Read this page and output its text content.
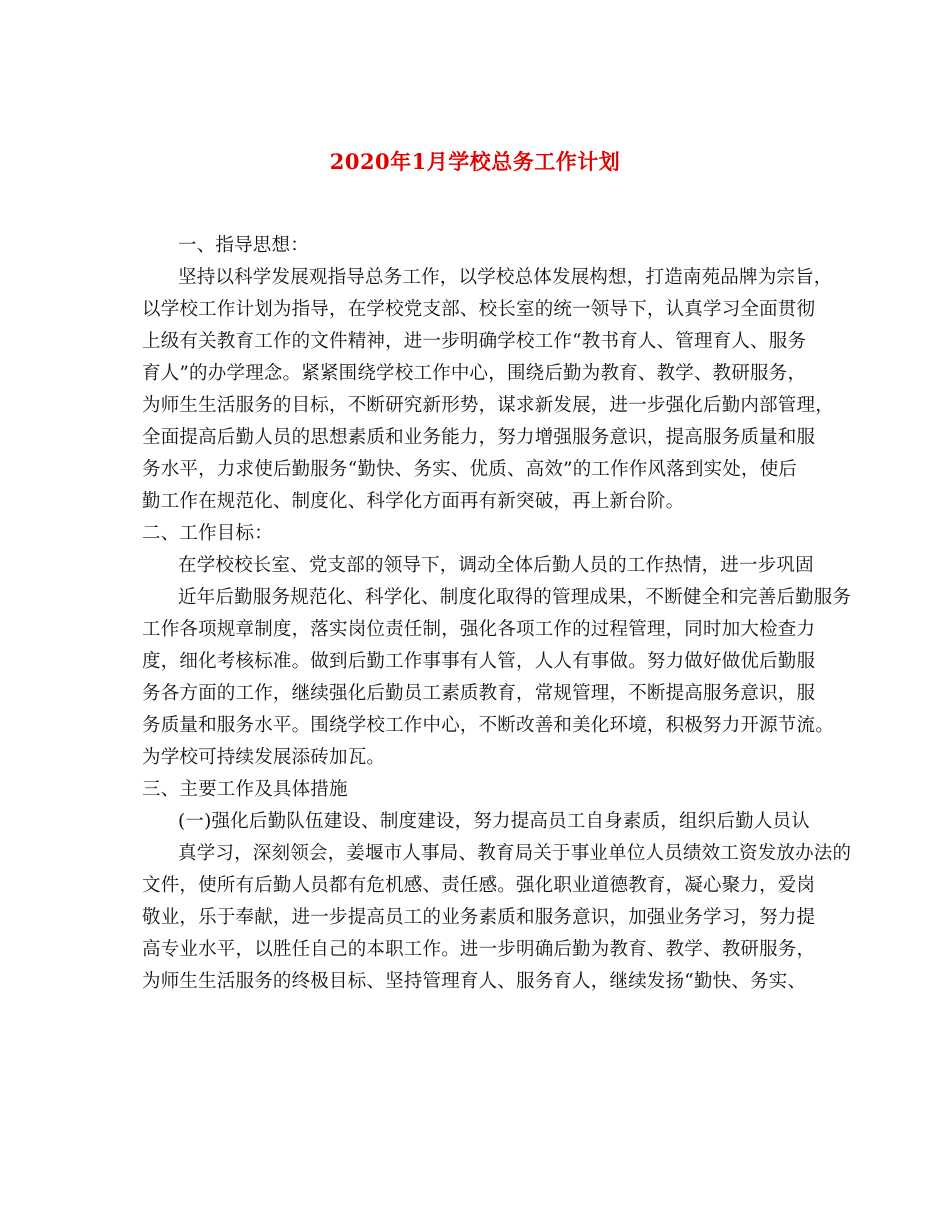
2020年1月学校总务工作计划
一、指导思想：
坚持以科学发展观指导总务工作，以学校总体发展构想，打造南苑品牌为宗旨，
以学校工作计划为指导，在学校党支部、校长室的统一领导下，认真学习全面贯彻
上级有关教育工作的文件精神，进一步明确学校工作“教书育人、管理育人、服务
育人”的办学理念。紧紧围绕学校工作中心，围绕后勤为教育、教学、教研服务，
为师生生活服务的目标，不断研究新形势，谋求新发展，进一步强化后勤内部管理，
全面提高后勤人员的思想素质和业务能力，努力增强服务意识，提高服务质量和服
务水平，力求使后勤服务“勤快、务实、优质、高效”的工作作风落到实处，使后
勤工作在规范化、制度化、科学化方面再有新突破，再上新台阶。
二、工作目标：
在学校校长室、党支部的领导下，调动全体后勤人员的工作热情，进一步巩固
近年后勤服务规范化、科学化、制度化取得的管理成果，不断健全和完善后勤服务
工作各项规章制度，落实岗位责任制，强化各项工作的过程管理，同时加大检查力
度，细化考核标准。做到后勤工作事事有人管，人人有事做。努力做好做优后勤服
务各方面的工作，继续强化后勤员工素质教育，常规管理，不断提高服务意识，服
务质量和服务水平。围绕学校工作中心，不断改善和美化环境，积极努力开源节流。
为学校可持续发展添砖加瓦。
三、主要工作及具体措施
(一)强化后勤队伍建设、制度建设，努力提高员工自身素质，组织后勤人员认
真学习，深刻领会，姜堰市人事局、教育局关于事业单位人员绩效工资发放办法的
文件，使所有后勤人员都有危机感、责任感。强化职业道德教育，凝心聚力，爱岗
敬业，乐于奉献，进一步提高员工的业务素质和服务意识，加强业务学习，努力提
高专业水平，以胜任自己的本职工作。进一步明确后勤为教育、教学、教研服务，
为师生生活服务的终极目标、坚持管理育人、服务育人，继续发扬“勤快、务实、
